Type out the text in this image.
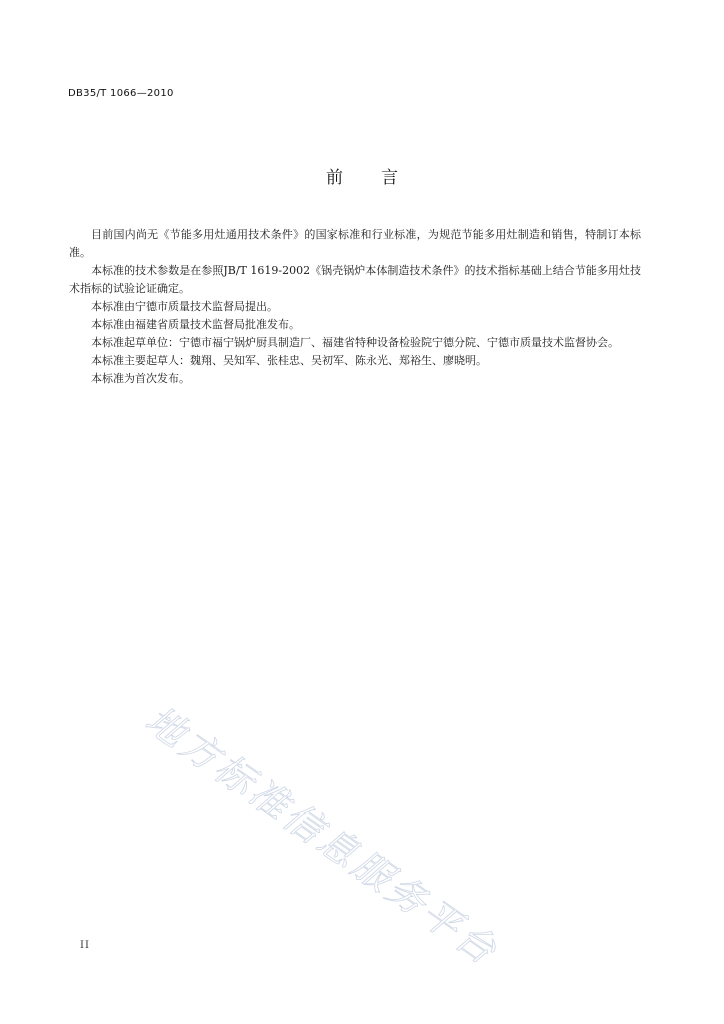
DB35/T 1066—2010
前 言

目前国内尚无《节能多用灶通用技术条件》的国家标准和行业标准，为规范节能多用灶制造和销售，特制订本标准。

本标准的技术参数是在参照JB/T 1619-2002《锅壳锅炉本体制造技术条件》的技术指标基础上结合节能多用灶技术指标的试验论证确定。

本标准由宁德市质量技术监督局提出。

本标准由福建省质量技术监督局批准发布。

本标准起草单位：宁德市福宁锅炉厨具制造厂、福建省特种设备检验院宁德分院、宁德市质量技术监督协会。

本标准主要起草人：魏翔、吴知军、张桂忠、吴初军、陈永光、郑裕生、廖晓明。

本标准为首次发布。

地方标准信息服务平台
II
